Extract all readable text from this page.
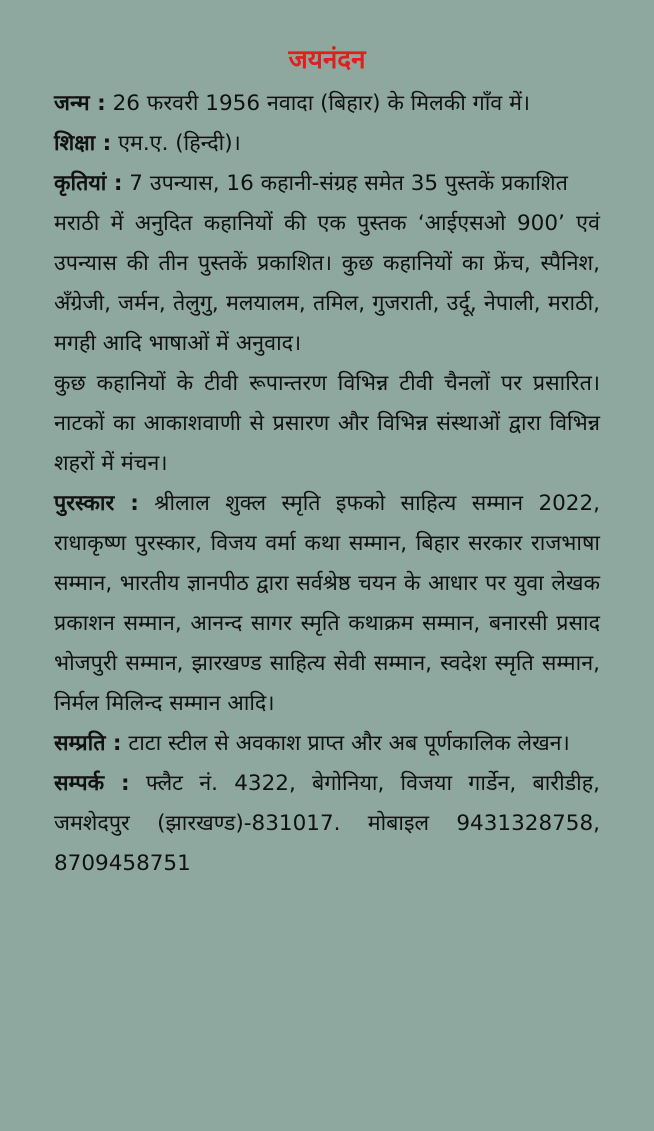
जयनंदन

जन्म : 26 फरवरी 1956 नवादा (बिहार) के मिलकी गाँव में।

शिक्षा : एम.ए. (हिन्दी)।

कृतियां : 7 उपन्यास, 16 कहानी-संग्रह समेत 35 पुस्तकें प्रकाशित

मराठी में अनुदित कहानियों की एक पुस्तक ‘आईएसओ 900’ एवं उपन्यास की तीन पुस्तकें प्रकाशित। कुछ कहानियों का फ्रेंच, स्पैनिश, अँग्रेजी, जर्मन, तेलुगु, मलयालम, तमिल, गुजराती, उर्दू, नेपाली, मराठी, मगही आदि भाषाओं में अनुवाद।

कुछ कहानियों के टीवी रूपान्तरण विभिन्न टीवी चैनलों पर प्रसारित। नाटकों का आकाशवाणी से प्रसारण और विभिन्न संस्थाओं द्वारा विभिन्न शहरों में मंचन।

पुरस्कार : श्रीलाल शुक्ल स्मृति इफको साहित्य सम्मान 2022, राधाकृष्ण पुरस्कार, विजय वर्मा कथा सम्मान, बिहार सरकार राजभाषा सम्मान, भारतीय ज्ञानपीठ द्वारा सर्वश्रेष्ठ चयन के आधार पर युवा लेखक प्रकाशन सम्मान, आनन्द सागर स्मृति कथाक्रम सम्मान, बनारसी प्रसाद भोजपुरी सम्मान, झारखण्ड साहित्य सेवी सम्मान, स्वदेश स्मृति सम्मान, निर्मल मिलिन्द सम्मान आदि।

सम्प्रति : टाटा स्टील से अवकाश प्राप्त और अब पूर्णकालिक लेखन।

सम्पर्क : फ्लैट नं. 4322, बेगोनिया, विजया गार्डेन, बारीडीह, जमशेदपुर (झारखण्ड)-831017. मोबाइल 9431328758, 8709458751
